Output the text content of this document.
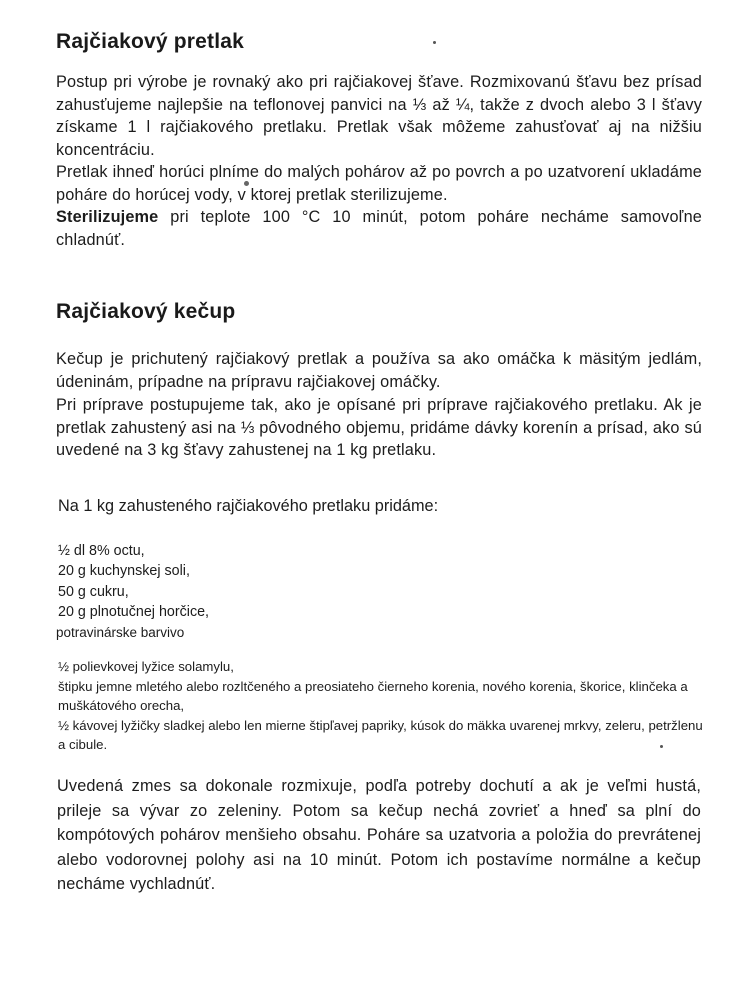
Rajčiakový pretlak

Postup pri výrobe je rovnaký ako pri rajčiakovej šťave. Rozmixovanú šťavu bez prísad zahusťujeme najlepšie na teflonovej panvici na ⅓ až ¼, takže z dvoch alebo 3 l šťavy získame 1 l rajčiakového pretlaku. Pretlak však môžeme zahusťovať aj na nižšiu koncentráciu.

Pretlak ihneď horúci plníme do malých pohárov až po povrch a po uzatvorení ukladáme poháre do horúcej vody, v ktorej pretlak sterilizujeme.

Sterilizujeme pri teplote 100 °C 10 minút, potom poháre necháme samovoľne chladnúť.

Rajčiakový kečup

Kečup je prichutený rajčiakový pretlak a používa sa ako omáčka k mäsitým jedlám, údeninám, prípadne na prípravu rajčiakovej omáčky.

Pri príprave postupujeme tak, ako je opísané pri príprave rajčiakového pretlaku. Ak je pretlak zahustený asi na ⅓ pôvodného objemu, pridáme dávky korenín a prísad, ako sú uvedené na 3 kg šťavy zahustenej na 1 kg pretlaku.

Na 1 kg zahusteného rajčiakového pretlaku pridáme:

½ dl 8% octu,
20 g kuchynskej soli,
50 g cukru,
20 g plnotučnej horčice,

potravinárske barvivo

½ polievkovej lyžice solamylu,
štipku jemne mletého alebo rozltčeného a preosiateho čierneho korenia, nového korenia, škorice, klinčeka a muškátového orecha,
½ kávovej lyžičky sladkej alebo len mierne štipľavej papriky, kúsok do mäkka uvarenej mrkvy, zeleru, petržlenu a cibule.

Uvedená zmes sa dokonale rozmixuje, podľa potreby dochutí a ak je veľmi hustá, prileje sa vývar zo zeleniny. Potom sa kečup nechá zovrieť a hneď sa plní do kompótových pohárov menšieho obsahu. Poháre sa uzatvoria a položia do prevrátenej alebo vodorovnej polohy asi na 10 minút. Potom ich postavíme normálne a kečup necháme vychladnúť.
